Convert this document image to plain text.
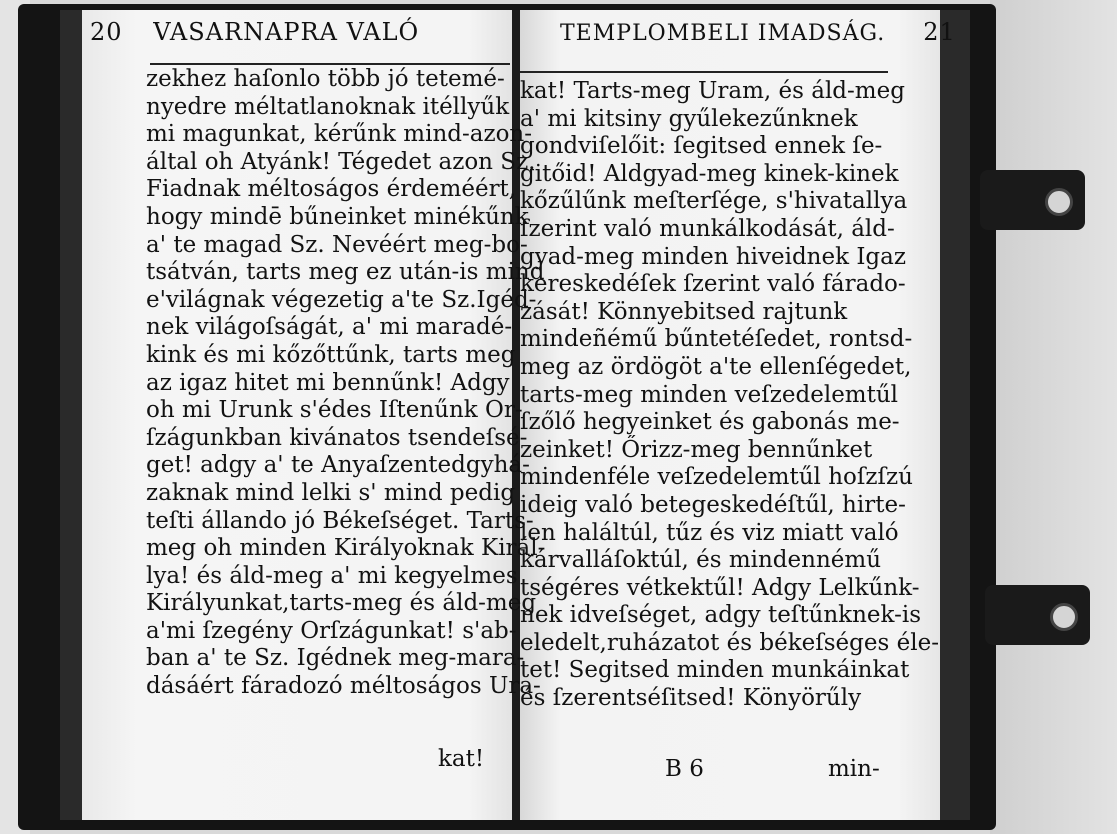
20 VASARNAPRA VALÓ	TEMPLOMBELI IMADSÁG. 21
zekhez haſonlo több jó tetemé-
nyedre méltatlanoknak itéllyűk
mi magunkat, kérűnk mind-azon-
által oh Atyánk! Tégedet azon Sz.
Fiadnak méltoságos érdeméért,
hogy mindē bűneinket minékűnk
a' te magad Sz. Nevéért meg-bo-
tsátván, tarts meg ez után-is mind
e'világnak végezetig a'te Sz.Igéd-
nek világoſságát, a' mi maradé-
kink és mi kőzőttűnk, tarts meg
az igaz hitet mi bennűnk! Adgy
oh mi Urunk s'édes Iſtenűnk Or-
ſzágunkban kivánatos tsendeſsé-
get! adgy a' te Anyaſzentedgyhá-
zaknak mind lelki s' mind pedig
teſti állando jó Békeſséget. Tarts-
meg oh minden Királyoknak Királ-
lya! és áld-meg a' mi kegyelmes
Királyunkat,tarts-meg és áld-meg
a'mi ſzegény Orſzágunkat! s'ab-
ban a' te Sz. Igédnek meg-mara-
dásáért fáradozó méltoságos Ura-
kat! Tarts-meg Uram, és áld-meg
a' mi kitsiny gyűlekezűnknek
gondviſelőit: ſegitsed ennek ſe-
gitőid! Aldgyad-meg kinek-kinek
kőzűlűnk meſterſége, s'hivatallya
ſzerint való munkálkodását, áld-
gyad-meg minden hiveidnek Igaz
kereskedéſek ſzerint való fárado-
zását! Könnyebitsed rajtunk
mindeñémű bűntetéſedet, rontsd-
meg az ördögöt a'te ellenſégedet,
tarts-meg minden veſzedelemtűl
ſzőlő hegyeinket és gabonás me-
zeinket! Őrizz-meg bennűnket
mindenféle veſzedelemtűl hoſzſzú
ideig való betegeskedéſtűl, hirte-
len haláltúl, tűz és viz miatt való
kárvalláſoktúl, és mindennémű
tségéres vétkektűl! Adgy Lelkűnk-
nek idveſséget, adgy teſtűnknek-is
eledelt,ruházatot és békeſséges éle-
tet! Segitsed minden munkáinkat
és ſzerentséſitsed! Könyörűly
kat!	B 6	min-
